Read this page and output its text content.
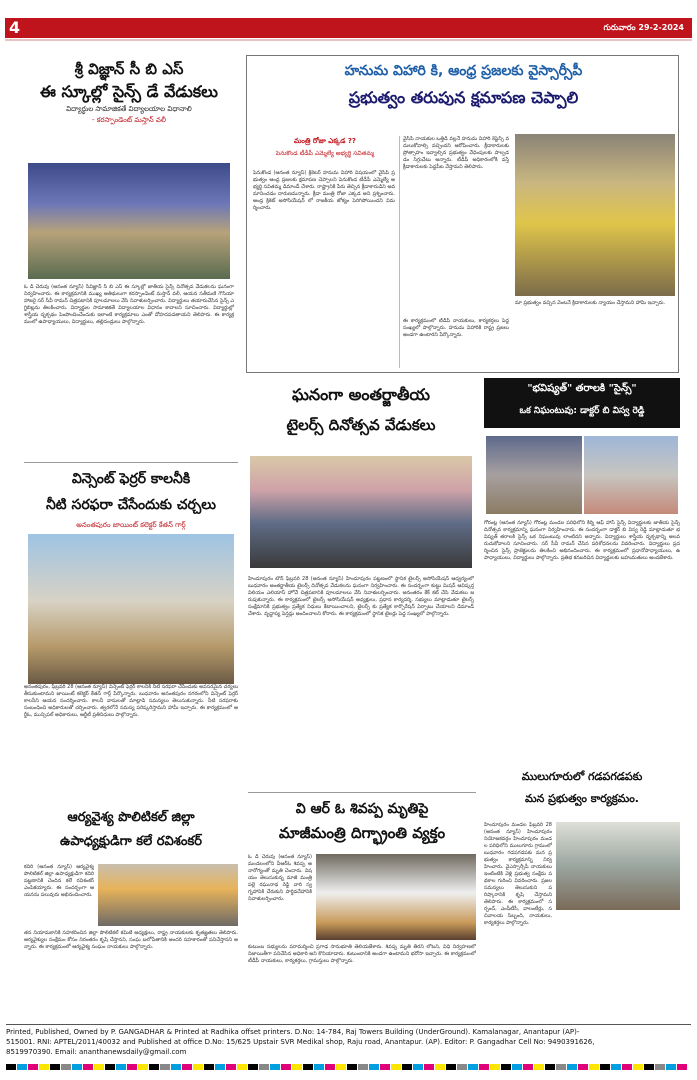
4	గురువారం 29-2-2024
శ్రీ విజ్ఞాన్ సీ బి ఎస్
ఈ స్కూల్లో సైన్స్ డే వేడుకలు
విద్యార్థుల సామాజికతే విద్యాలయాల విధానాలి
- కరస్పాండెంట్ మస్తాన్ వలీ
ఓ డి చెరువు (ఆనంత న్యూస్) సీవిజ్ఞాన్ సీ బి ఎస్ ఈ స్కూల్లో జాతీయ సైన్స్ దినోత్సవ వేడుకలను ఘనంగా నిర్వహించారు. ఈ కార్యక్రమానికి ముఖ్య అతిథులుగా కరస్పాండెంట్ మస్తాన్ వలీ, ఆయన సతీమణి గౌసియా హాజరై సర్ సీవీ రామన్ చిత్రపటానికి పూలమాలలు వేసి నివాళులర్పించారు. విద్యార్థులు తయారుచేసిన సైన్స్ ఎగ్జిబిట్లను తిలకించారు. విద్యార్థుల సామాజికతే విద్యాలయాల విధానం కావాలని సూచించారు. విద్యార్థుల్లో శాస్త్రీయ దృక్పథం పెంపొందించేందుకు ఇలాంటి కార్యక్రమాలు ఎంతో దోహదపడతాయని తెలిపారు. ఈ కార్యక్రమంలో ఉపాధ్యాయులు, విద్యార్థులు, తల్లిదండ్రులు పాల్గొన్నారు.
హనుమ విహారి కి, ఆంధ్ర ప్రజలకు వైస్సార్సీపీ
ప్రభుత్వం తరుపున క్షమాపణ చెప్పాలి
మంత్రి రోజా ఎక్కడ ??
పెనుకొండ టీడీపీ ఎమ్మెల్యే అభ్యర్థి సవితమ్మ
పెనుకొండ (ఆనంత న్యూస్) క్రికెటర్ హనుమ విహారి విషయంలో వైసీపీ ప్రభుత్వం ఆంధ్ర ప్రజలకు క్షమాపణ చెప్పాలని పెనుకొండ టీడీపీ ఎమ్మెల్యే అభ్యర్థి సవితమ్మ డిమాండ్ చేశారు. రాష్ట్రానికి పేరు తెచ్చిన క్రీడాకారుడిని అవమానించడం దారుణమన్నారు. క్రీడా మంత్రి రోజా ఎక్కడ అని ప్రశ్నించారు. ఆంధ్ర క్రికెట్ అసోసియేషన్ లో రాజకీయ జోక్యం పెరిగిపోయిందని విమర్శించారు.
వైసీపీ నాయకుల ఒత్తిడి వల్లనే హనుమ విహారి కెప్టెన్సీ వదులుకోవాల్సి వచ్చిందని ఆరోపించారు. క్రీడాకారులకు ప్రోత్సాహం ఇవ్వాల్సిన ప్రభుత్వం వేధింపులకు పాల్పడడం సిగ్గుచేటు అన్నారు. టీడీపీ అధికారంలోకి వస్తే క్రీడాకారులకు పెద్దపీట వేస్తామని తెలిపారు.
ఈ కార్యక్రమంలో టీడీపీ నాయకులు, కార్యకర్తలు పెద్ద సంఖ్యలో పాల్గొన్నారు. హనుమ విహారికి రాష్ట్ర ప్రజలు అండగా ఉంటారని పేర్కొన్నారు.
మా ప్రభుత్వం వచ్చిన వెంటనే క్రీడాకారులకు న్యాయం చేస్తామని హామీ ఇచ్చారు.
విన్సెంట్ ఫెర్రర్ కాలనీకి
నీటి సరఫరా చేసేందుకు చర్చలు
అనంతపురం జాయింట్ కలెక్టర్ కేతన్ గార్గ్
అనంతపురం, ఫిబ్రవరి 28 (ఆనంత న్యూస్) విన్సెంట్ ఫెర్రర్ కాలనీకి నీటి సరఫరా చేసేందుకు అవసరమైన చర్యలు తీసుకుంటామని జాయింట్ కలెక్టర్ కేతన్ గార్గ్ పేర్కొన్నారు. బుధవారం అనంతపురం నగరంలోని విన్సెంట్ ఫెర్రర్ కాలనీని ఆయన సందర్శించారు. కాలనీ వాసులతో మాట్లాడి సమస్యలు తెలుసుకున్నారు. నీటి సరఫరాకు సంబంధించి అధికారులతో చర్చించారు. త్వరలోనే సమస్య పరిష్కరిస్తామని హామీ ఇచ్చారు. ఈ కార్యక్రమంలో ఆర్డీఓ, మున్సిపల్ అధికారులు, ఆర్డీటీ ప్రతినిధులు పాల్గొన్నారు.
ఘనంగా అంతర్జాతీయ
టైలర్స్ దినోత్సవ వేడుకలు
హిందూపురం టౌన్ ఫిబ్రవరి 28 (ఆనంత న్యూస్) హిందూపురం పట్టణంలో స్థానిక టైలర్స్ అసోసియేషన్ ఆధ్వర్యంలో బుధవారం అంతర్జాతీయ టైలర్స్ దినోత్సవ వేడుకలను ఘనంగా నిర్వహించారు. ఈ సందర్భంగా కుట్టు మిషన్ ఆవిష్కర్త విలియం ఎలియాస్ హోవే చిత్రపటానికి పూలమాలలు వేసి నివాళులర్పించారు. అనంతరం కేక్ కట్ చేసి వేడుకలు జరుపుకున్నారు. ఈ కార్యక్రమంలో టైలర్స్ అసోసియేషన్ అధ్యక్షులు, ప్రధాన కార్యదర్శి, సభ్యులు మాట్లాడుతూ టైలర్స్ సంక్షేమానికి ప్రభుత్వం ప్రత్యేక నిధులు కేటాయించాలని, టైలర్స్ కు ప్రత్యేక కార్పొరేషన్ ఏర్పాటు చేయాలని డిమాండ్ చేశారు. వృద్ధాప్య పెన్షన్లు అందించాలని కోరారు. ఈ కార్యక్రమంలో స్థానిక టైలర్లు పెద్ద సంఖ్యలో పాల్గొన్నారు.
"భవిష్యత్" తరాలకి "సైన్స్"
ఒక నిఘంటువు: డాక్టర్ బి విస్వ రెడ్డి
గోరంట్ల (ఆనంత న్యూస్) గోరంట్ల మండల పరిధిలోని కిర్ని ఆఫ్ హాస్ సైన్స్ విద్యార్థులకు జాతీయ సైన్స్ దినోత్సవ కార్యక్రమాన్ని ఘనంగా నిర్వహించారు. ఈ సందర్భంగా డాక్టర్ బి విస్వ రెడ్డి మాట్లాడుతూ భవిష్యత్ తరాలకి సైన్స్ ఒక నిఘంటువు లాంటిదని అన్నారు. విద్యార్థులు శాస్త్రీయ దృక్పథాన్ని అలవరుచుకోవాలని సూచించారు. సర్ సీవీ రామన్ చేసిన పరిశోధనలను వివరించారు. విద్యార్థులు ప్రదర్శించిన సైన్స్ ప్రాజెక్టులను తిలకించి అభినందించారు. ఈ కార్యక్రమంలో ప్రధానోపాధ్యాయులు, ఉపాధ్యాయులు, విద్యార్థులు పాల్గొన్నారు. ప్రతిభ కనబరిచిన విద్యార్థులకు బహుమతులు అందజేశారు.
ములుగూరులో గడపగడపకు
మన ప్రభుత్వం కార్యక్రమం.
హిందూపురం మండల ఫిబ్రవరి 28 (ఆనంత న్యూస్) హిందూపురం నియోజకవర్గం హిందూపురం మండల పరిధిలోని ములుగూరు గ్రామంలో బుధవారం గడపగడపకు మన ప్రభుత్వం కార్యక్రమాన్ని నిర్వహించారు. వైఎస్సార్సీపీ నాయకులు ఇంటింటికి వెళ్లి ప్రభుత్వ సంక్షేమ పథకాల గురించి వివరించారు. ప్రజల సమస్యలు తెలుసుకుని పరిష్కారానికి కృషి చేస్తామని తెలిపారు. ఈ కార్యక్రమంలో సర్పంచ్, ఎంపీటీసీ, వాలంటీర్లు, సచివాలయ సిబ్బంది, నాయకులు, కార్యకర్తలు పాల్గొన్నారు.
ఆర్యవైశ్య పొలిటికల్ జిల్లా
ఉపాధ్యక్షుడిగా కలే రవిశంకర్
కదిరి (ఆనంత న్యూస్) ఆర్యవైశ్య పొలిటికల్ జిల్లా ఉపాధ్యక్షుడిగా కదిరి పట్టణానికి చెందిన కలే రవిశంకర్ ఎంపికయ్యారు. ఈ సందర్భంగా ఆయనను పలువురు అభినందించారు.
తన నియామకానికి సహకరించిన జిల్లా పొలిటికల్ కమిటీ అధ్యక్షులు, రాష్ట్ర నాయకులకు కృతజ్ఞతలు తెలిపారు. ఆర్యవైశ్యుల సంక్షేమం కోసం నిరంతరం కృషి చేస్తానని, సంఘ బలోపేతానికి అందరి సహకారంతో పనిచేస్తానని అన్నారు. ఈ కార్యక్రమంలో ఆర్యవైశ్య సంఘం నాయకులు పాల్గొన్నారు.
వి ఆర్ ఓ శివప్ప మృతిపై
మాజీమంత్రి దిగ్భ్రాంతి వ్యక్తం
ఓ డి చెరువు (ఆనంత న్యూస్) మండలంలోని వీఆర్ఓ శివప్ప అనారోగ్యంతో మృతి చెందారు. విషయం తెలుసుకున్న మాజీ మంత్రి పల్లె రఘునాథ రెడ్డి వారి స్వగృహానికి చేరుకుని పార్థివదేహానికి నివాళులర్పించారు.
కుటుంబ సభ్యులను పరామర్శించి ప్రగాఢ సానుభూతి తెలియజేశారు. శివప్ప మృతి తీరని లోటని, విధి నిర్వహణలో నిజాయితీగా పనిచేసిన అధికారి అని కొనియాడారు. కుటుంబానికి అండగా ఉంటామని భరోసా ఇచ్చారు. ఈ కార్యక్రమంలో టీడీపీ నాయకులు, కార్యకర్తలు, గ్రామస్తులు పాల్గొన్నారు.
Printed, Published, Owned by P. GANGADHAR & Printed at Radhika offset printers. D.No: 14-784, Raj Towers Building (UnderGround). Kamalanagar, Anantapur (AP)-
515001. RNI: APTEL/2011/40032 and Published at office D.No: 15/625 Upstair SVR Medikal shop, Raju road, Anantapur. (AP). Editor: P. Gangadhar Cell No: 9490391626,
8519970390. Email: ananthanewsdaily@gmail.com
